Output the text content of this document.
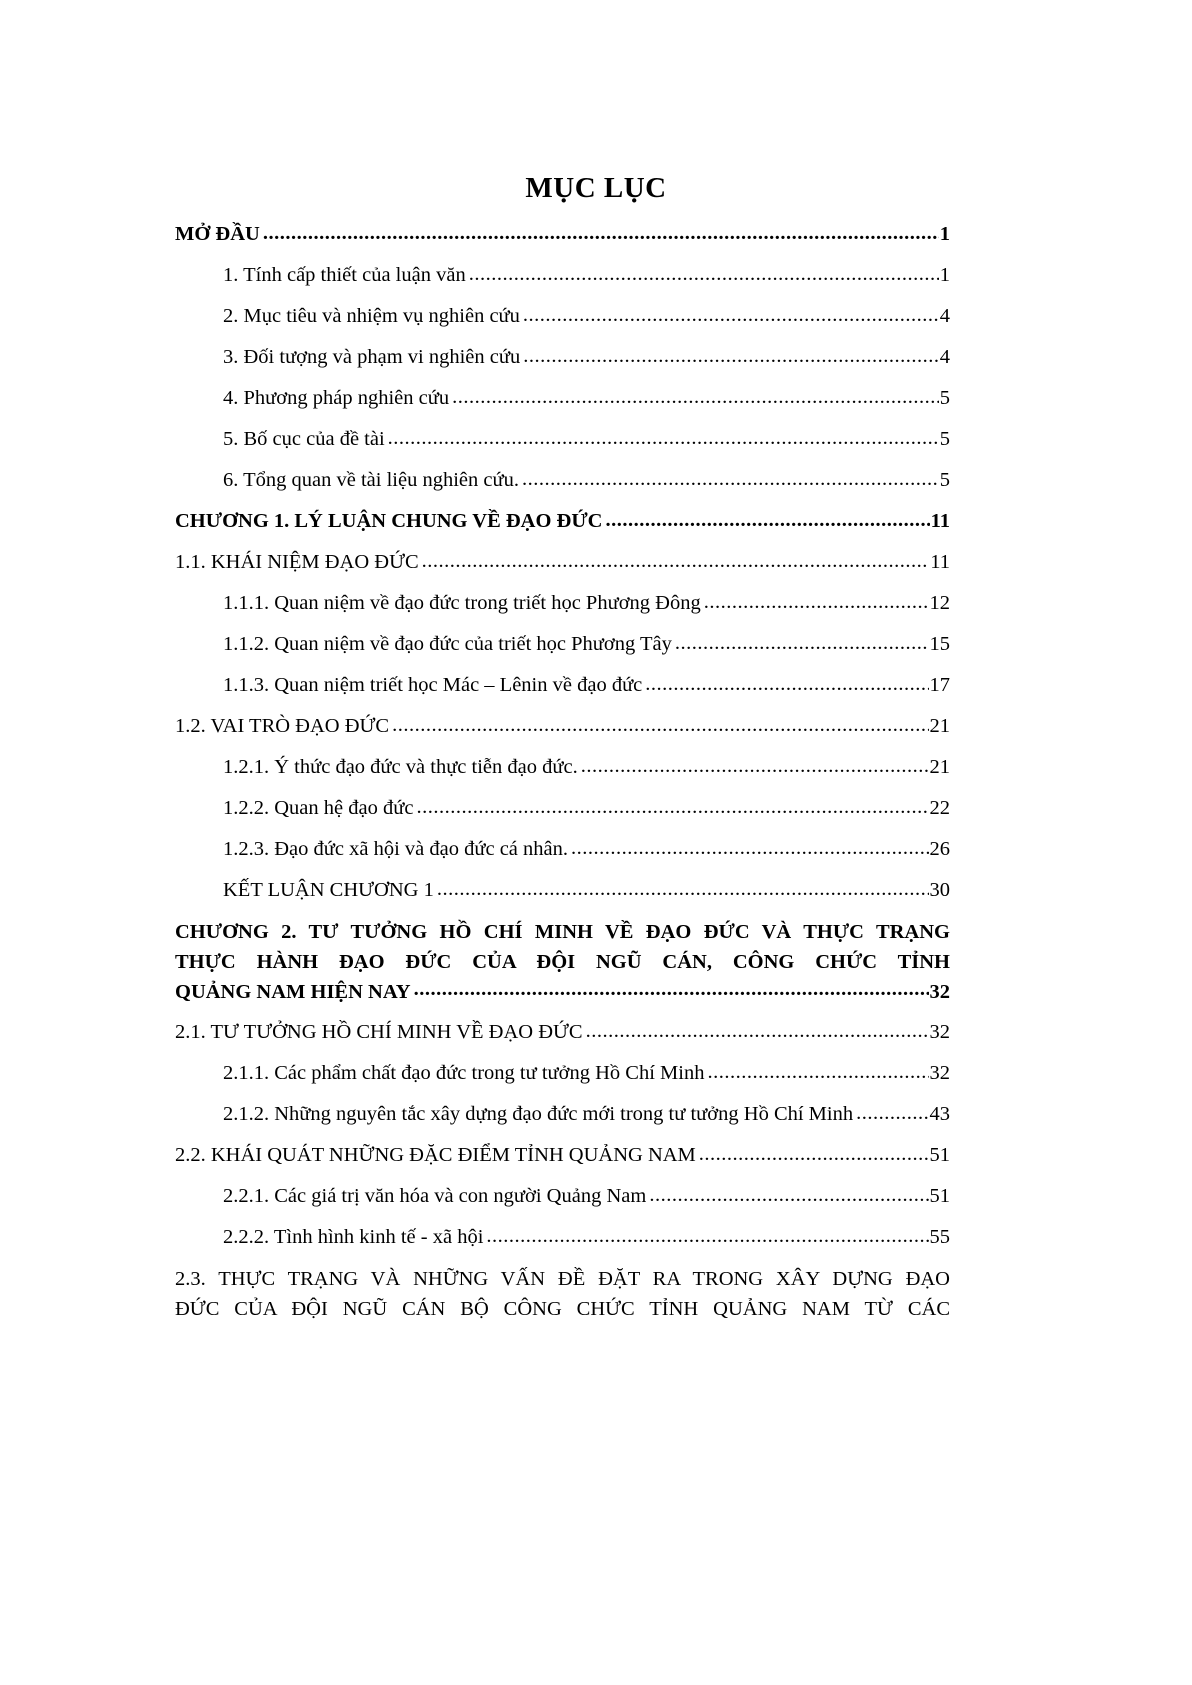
MỤC LỤC
MỞ ĐẦU .....	1
1. Tính cấp thiết của luận văn .....	1
2. Mục tiêu và nhiệm vụ nghiên cứu .....	4
3. Đối tượng và phạm vi nghiên cứu .....	4
4. Phương pháp nghiên cứu .....	5
5. Bố cục của đề tài .....	5
6. Tổng quan về tài liệu nghiên cứu. .....	5
CHƯƠNG 1. LÝ LUẬN CHUNG VỀ ĐẠO ĐỨC .....	11
1.1. KHÁI NIỆM ĐẠO ĐỨC .....	11
1.1.1. Quan niệm về đạo đức trong triết học Phương Đông .....	12
1.1.2. Quan niệm về đạo đức của triết học Phương Tây .....	15
1.1.3. Quan niệm triết học Mác – Lênin về đạo đức .....	17
1.2. VAI TRÒ ĐẠO ĐỨC .....	21
1.2.1. Ý thức đạo đức và thực tiễn đạo đức. .....	21
1.2.2. Quan hệ đạo đức .....	22
1.2.3. Đạo đức xã hội và đạo đức cá nhân. .....	26
KẾT LUẬN CHƯƠNG 1 .....	30
CHƯƠNG 2. TƯ TƯỞNG HỒ CHÍ MINH VỀ ĐẠO ĐỨC VÀ THỰC TRẠNG
THỰC HÀNH ĐẠO ĐỨC CỦA ĐỘI NGŨ CÁN, CÔNG CHỨC TỈNH
QUẢNG NAM HIỆN NAY .....	32
2.1. TƯ TƯỞNG HỒ CHÍ MINH VỀ ĐẠO ĐỨC .....	32
2.1.1. Các phẩm chất đạo đức trong tư tưởng Hồ Chí Minh .....	32
2.1.2. Những nguyên tắc xây dựng đạo đức mới trong tư tưởng Hồ Chí Minh .....	43
2.2. KHÁI QUÁT NHỮNG ĐẶC ĐIỂM TỈNH QUẢNG NAM .....	51
2.2.1. Các giá trị văn hóa và con người Quảng Nam .....	51
2.2.2. Tình hình kinh tế - xã hội .....	55
2.3. THỰC TRẠNG VÀ NHỮNG VẤN ĐỀ ĐẶT RA TRONG XÂY DỰNG ĐẠO
ĐỨC CỦA ĐỘI NGŨ CÁN BỘ CÔNG CHỨC TỈNH QUẢNG NAM TỪ CÁC
